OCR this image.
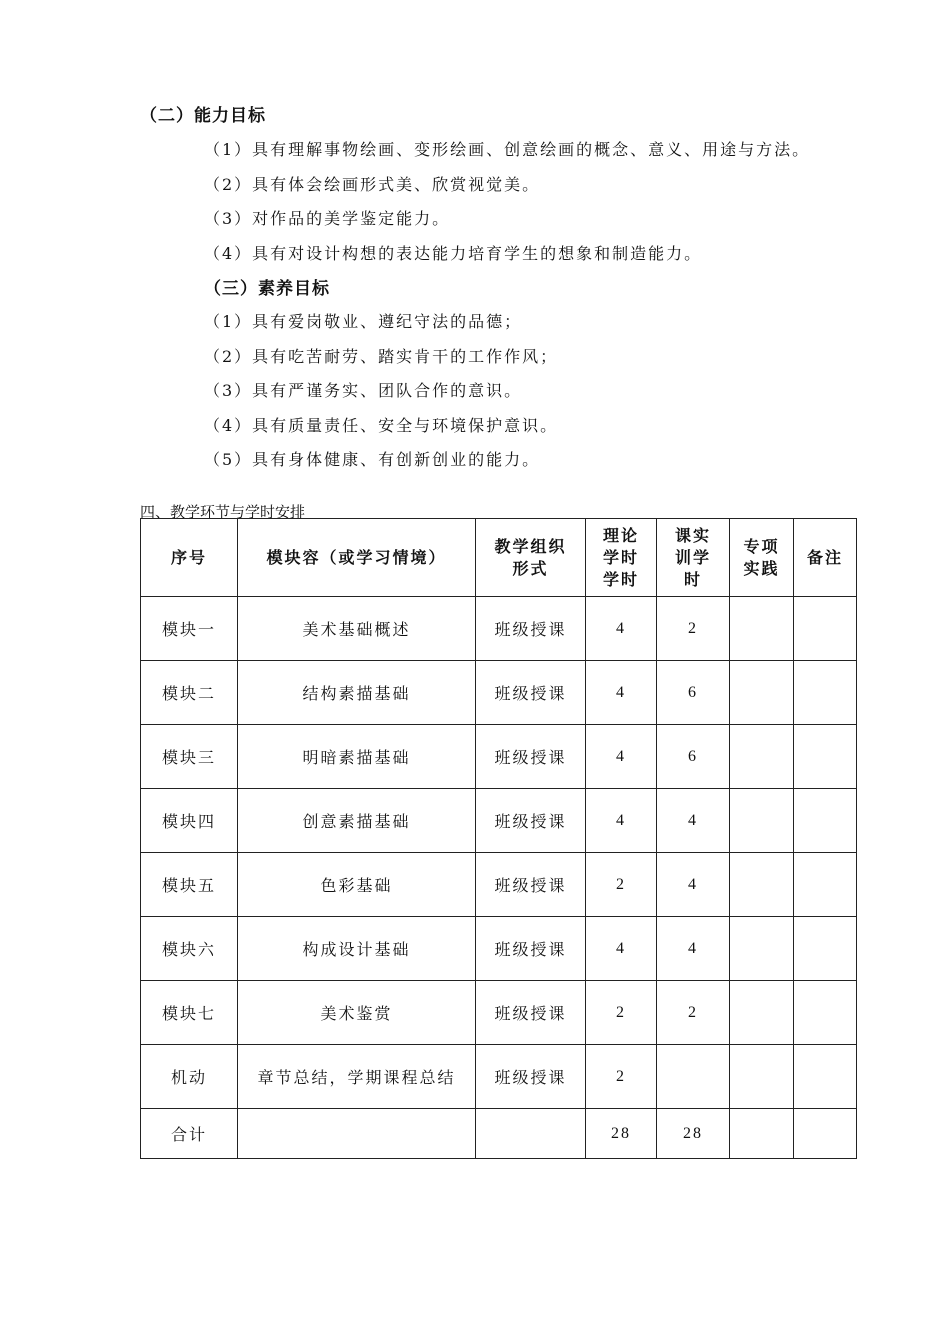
（二）能力目标
（1）具有理解事物绘画、变形绘画、创意绘画的概念、意义、用途与方法。
（2）具有体会绘画形式美、欣赏视觉美。
（3）对作品的美学鉴定能力。
（4）具有对设计构想的表达能力培育学生的想象和制造能力。
（三）素养目标
（1）具有爱岗敬业、遵纪守法的品德；
（2）具有吃苦耐劳、踏实肯干的工作作风；
（3）具有严谨务实、团队合作的意识。
（4）具有质量责任、安全与环境保护意识。
（5）具有身体健康、有创新创业的能力。
四、教学环节与学时安排
序号	模块容（或学习情境）	教学组织形式	理论学时学时	课实训学时	专项实践	备注
模块一	美术基础概述	班级授课	4	2		
模块二	结构素描基础	班级授课	4	6		
模块三	明暗素描基础	班级授课	4	6		
模块四	创意素描基础	班级授课	4	4		
模块五	色彩基础	班级授课	2	4		
模块六	构成设计基础	班级授课	4	4		
模块七	美术鉴赏	班级授课	2	2		
机动	章节总结，学期课程总结	班级授课	2			
合计			28	28		
